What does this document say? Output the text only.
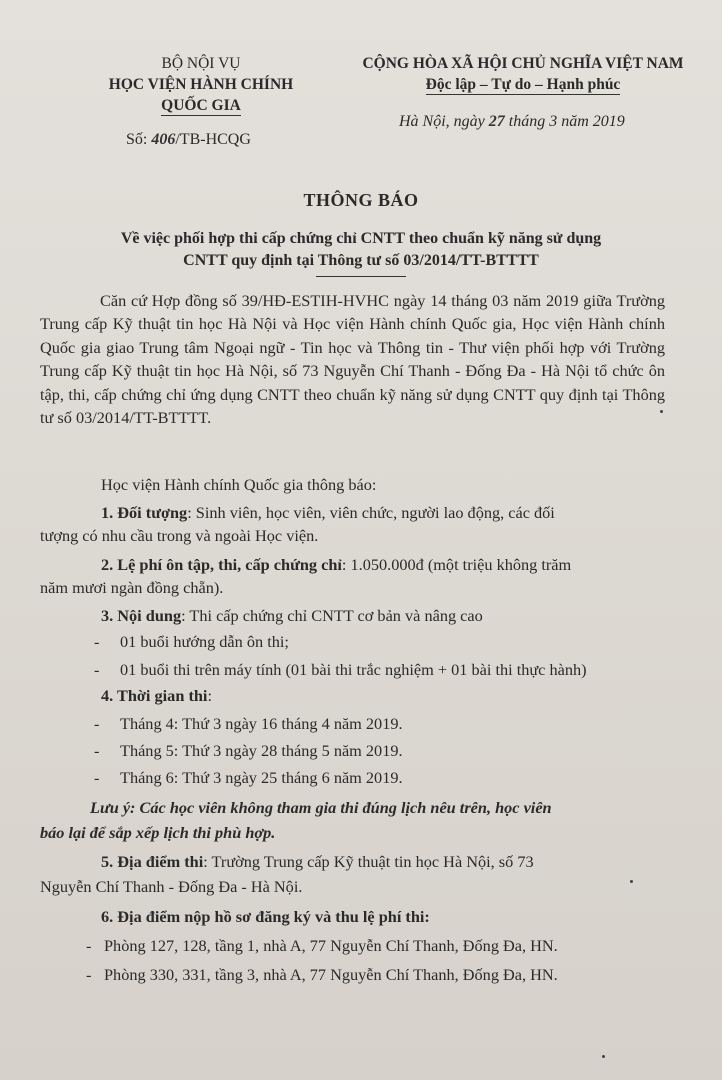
BỘ NỘI VỤ
HỌC VIỆN HÀNH CHÍNH
QUỐC GIA
Số: 406/TB-HCQG
CỘNG HÒA XÃ HỘI CHỦ NGHĨA VIỆT NAM
Độc lập – Tự do – Hạnh phúc
Hà Nội, ngày 27 tháng 3 năm 2019
THÔNG BÁO
Về việc phối hợp thi cấp chứng chỉ CNTT theo chuẩn kỹ năng sử dụng
CNTT quy định tại Thông tư số 03/2014/TT-BTTTT
Căn cứ Hợp đồng số 39/HĐ-ESTIH-HVHC ngày 14 tháng 03 năm 2019 giữa Trường Trung cấp Kỹ thuật tin học Hà Nội và Học viện Hành chính Quốc gia, Học viện Hành chính Quốc gia giao Trung tâm Ngoại ngữ - Tin học và Thông tin - Thư viện phối hợp với Trường Trung cấp Kỹ thuật tin học Hà Nội, số 73 Nguyễn Chí Thanh - Đống Đa - Hà Nội tổ chức ôn tập, thi, cấp chứng chỉ ứng dụng CNTT theo chuẩn kỹ năng sử dụng CNTT quy định tại Thông tư số 03/2014/TT-BTTTT.
Học viện Hành chính Quốc gia thông báo:
1. Đối tượng: Sinh viên, học viên, viên chức, người lao động, các đối
tượng có nhu cầu trong và ngoài Học viện.
2. Lệ phí ôn tập, thi, cấp chứng chỉ: 1.050.000đ (một triệu không trăm
năm mươi ngàn đồng chẵn).
3. Nội dung: Thi cấp chứng chỉ CNTT cơ bản và nâng cao
- 01 buổi hướng dẫn ôn thi;
- 01 buổi thi trên máy tính (01 bài thi trắc nghiệm + 01 bài thi thực hành)
4. Thời gian thi:
- Tháng 4: Thứ 3 ngày 16 tháng 4 năm 2019.
- Tháng 5: Thứ 3 ngày 28 tháng 5 năm 2019.
- Tháng 6: Thứ 3 ngày 25 tháng 6 năm 2019.
Lưu ý: Các học viên không tham gia thi đúng lịch nêu trên, học viên
báo lại để sắp xếp lịch thi phù hợp.
5. Địa điểm thi: Trường Trung cấp Kỹ thuật tin học Hà Nội, số 73
Nguyễn Chí Thanh - Đống Đa - Hà Nội.
6. Địa điểm nộp hồ sơ đăng ký và thu lệ phí thi:
- Phòng 127, 128, tầng 1, nhà A, 77 Nguyễn Chí Thanh, Đống Đa, HN.
- Phòng 330, 331, tầng 3, nhà A, 77 Nguyễn Chí Thanh, Đống Đa, HN.
